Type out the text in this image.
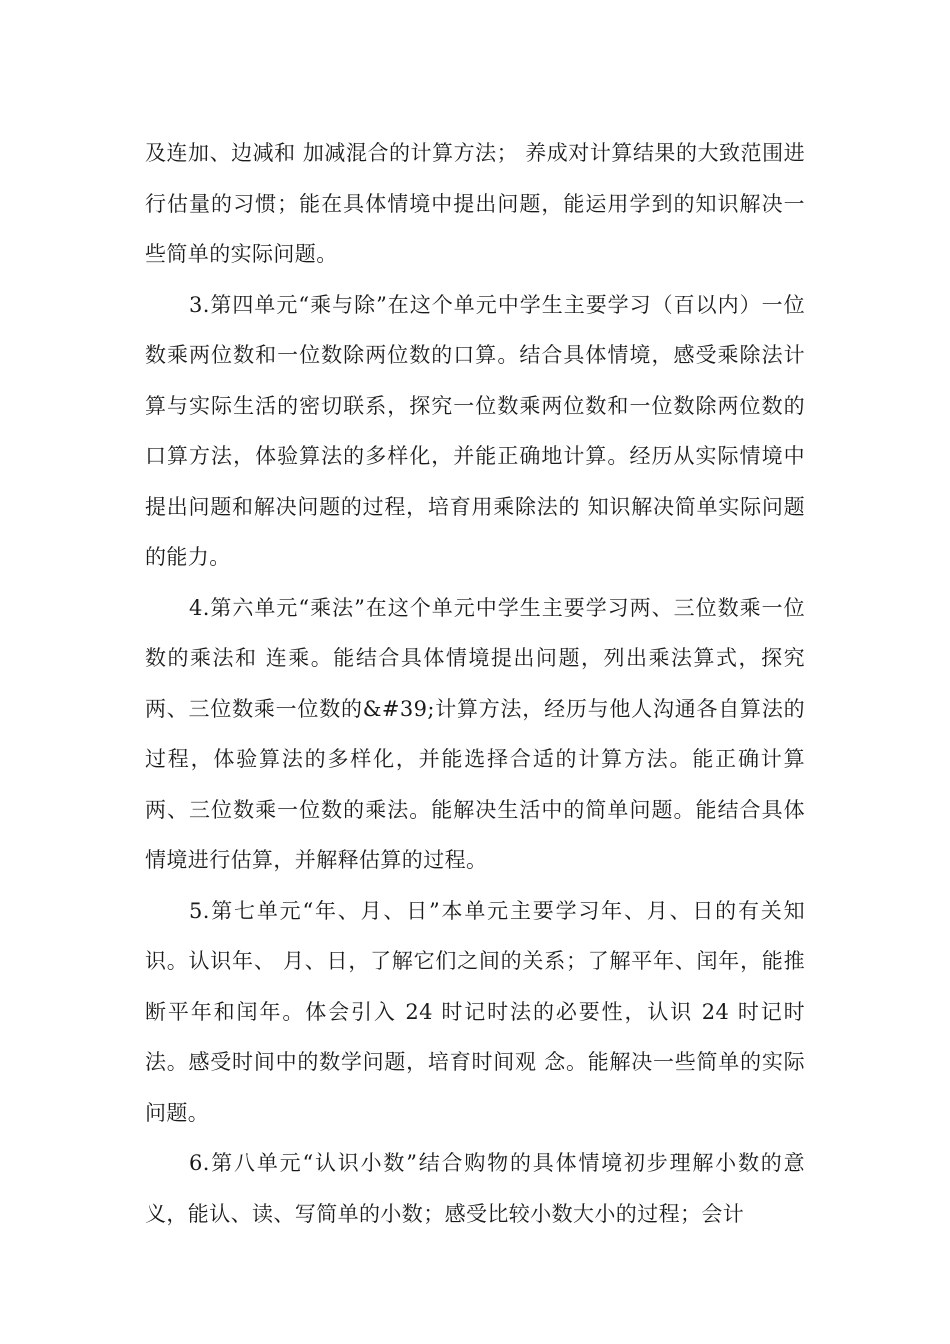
及连加、边减和 加减混合的计算方法； 养成对计算结果的大致范围进行估量的习惯；能在具体情境中提出问题，能运用学到的知识解决一些简单的实际问题。

3.第四单元“乘与除”在这个单元中学生主要学习（百以内）一位数乘两位数和一位数除两位数的口算。结合具体情境，感受乘除法计算与实际生活的密切联系，探究一位数乘两位数和一位数除两位数的口算方法，体验算法的多样化，并能正确地计算。经历从实际情境中提出问题和解决问题的过程，培育用乘除法的 知识解决简单实际问题的能力。

4.第六单元“乘法”在这个单元中学生主要学习两、三位数乘一位数的乘法和 连乘。能结合具体情境提出问题，列出乘法算式，探究两、三位数乘一位数的&#39;计算方法，经历与他人沟通各自算法的过程，体验算法的多样化，并能选择合适的计算方法。能正确计算两、三位数乘一位数的乘法。能解决生活中的简单问题。能结合具体情境进行估算，并解释估算的过程。

5.第七单元“年、月、日”本单元主要学习年、月、日的有关知识。认识年、 月、日，了解它们之间的关系；了解平年、闰年，能推断平年和闰年。体会引入 24 时记时法的必要性，认识 24 时记时法。感受时间中的数学问题，培育时间观 念。能解决一些简单的实际问题。

6.第八单元“认识小数”结合购物的具体情境初步理解小数的意义，能认、读、写简单的小数；感受比较小数大小的过程；会计
